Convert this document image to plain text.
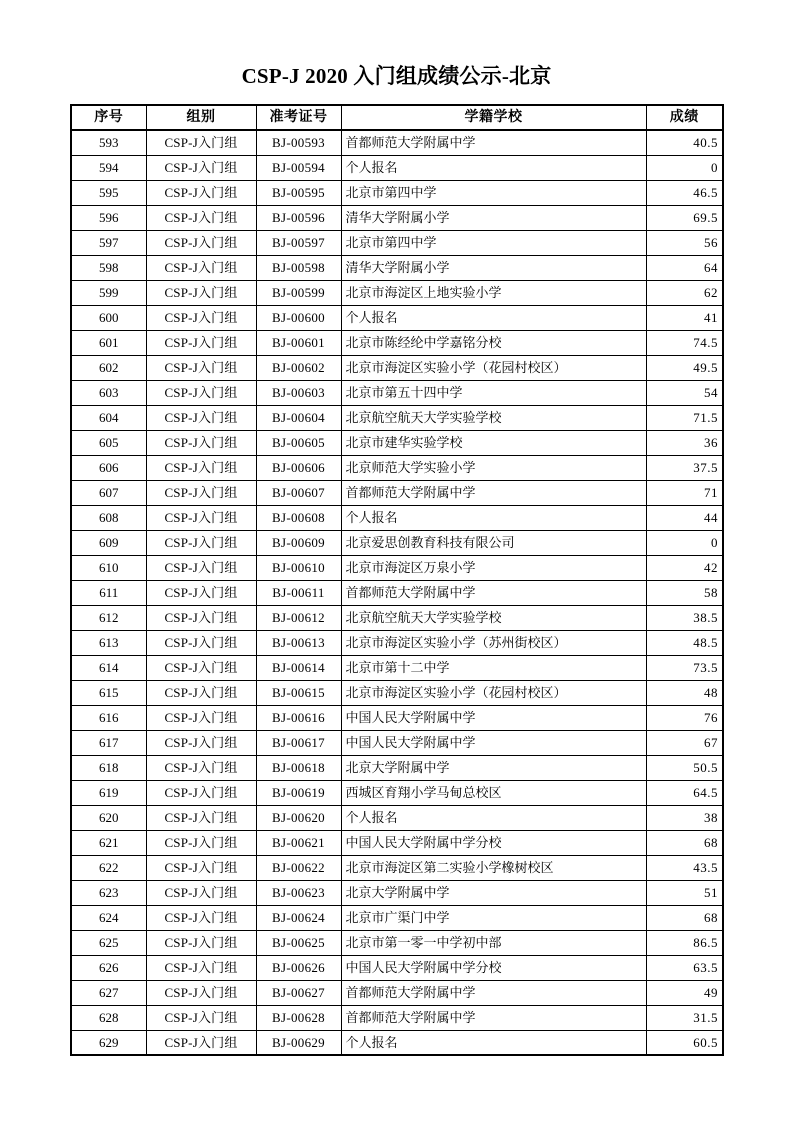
CSP-J 2020 入门组成绩公示-北京
序号	组别	准考证号	学籍学校	成绩
593	CSP-J入门组	BJ-00593	首都师范大学附属中学	40.5
594	CSP-J入门组	BJ-00594	个人报名	0
595	CSP-J入门组	BJ-00595	北京市第四中学	46.5
596	CSP-J入门组	BJ-00596	清华大学附属小学	69.5
597	CSP-J入门组	BJ-00597	北京市第四中学	56
598	CSP-J入门组	BJ-00598	清华大学附属小学	64
599	CSP-J入门组	BJ-00599	北京市海淀区上地实验小学	62
600	CSP-J入门组	BJ-00600	个人报名	41
601	CSP-J入门组	BJ-00601	北京市陈经纶中学嘉铭分校	74.5
602	CSP-J入门组	BJ-00602	北京市海淀区实验小学（花园村校区）	49.5
603	CSP-J入门组	BJ-00603	北京市第五十四中学	54
604	CSP-J入门组	BJ-00604	北京航空航天大学实验学校	71.5
605	CSP-J入门组	BJ-00605	北京市建华实验学校	36
606	CSP-J入门组	BJ-00606	北京师范大学实验小学	37.5
607	CSP-J入门组	BJ-00607	首都师范大学附属中学	71
608	CSP-J入门组	BJ-00608	个人报名	44
609	CSP-J入门组	BJ-00609	北京爱思创教育科技有限公司	0
610	CSP-J入门组	BJ-00610	北京市海淀区万泉小学	42
611	CSP-J入门组	BJ-00611	首都师范大学附属中学	58
612	CSP-J入门组	BJ-00612	北京航空航天大学实验学校	38.5
613	CSP-J入门组	BJ-00613	北京市海淀区实验小学（苏州街校区）	48.5
614	CSP-J入门组	BJ-00614	北京市第十二中学	73.5
615	CSP-J入门组	BJ-00615	北京市海淀区实验小学（花园村校区）	48
616	CSP-J入门组	BJ-00616	中国人民大学附属中学	76
617	CSP-J入门组	BJ-00617	中国人民大学附属中学	67
618	CSP-J入门组	BJ-00618	北京大学附属中学	50.5
619	CSP-J入门组	BJ-00619	西城区育翔小学马甸总校区	64.5
620	CSP-J入门组	BJ-00620	个人报名	38
621	CSP-J入门组	BJ-00621	中国人民大学附属中学分校	68
622	CSP-J入门组	BJ-00622	北京市海淀区第二实验小学橡树校区	43.5
623	CSP-J入门组	BJ-00623	北京大学附属中学	51
624	CSP-J入门组	BJ-00624	北京市广渠门中学	68
625	CSP-J入门组	BJ-00625	北京市第一零一中学初中部	86.5
626	CSP-J入门组	BJ-00626	中国人民大学附属中学分校	63.5
627	CSP-J入门组	BJ-00627	首都师范大学附属中学	49
628	CSP-J入门组	BJ-00628	首都师范大学附属中学	31.5
629	CSP-J入门组	BJ-00629	个人报名	60.5
